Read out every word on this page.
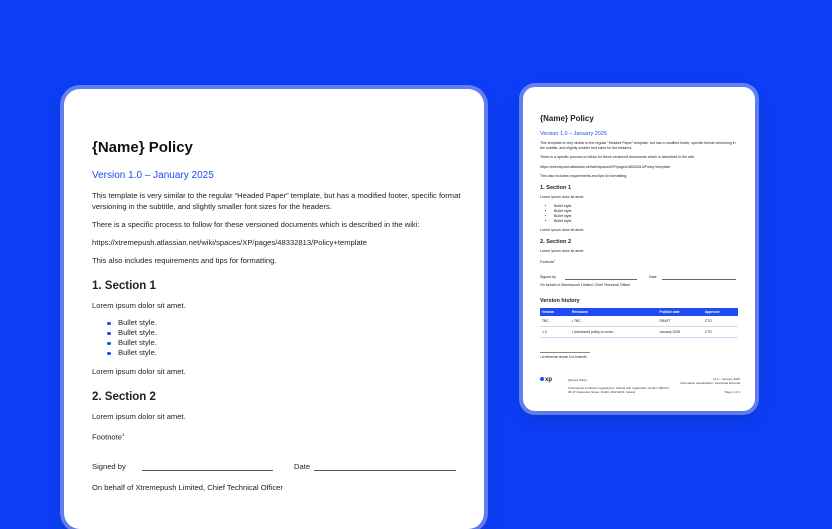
{Name} Policy
Version 1.0 – January 2025

This template is very similar to the regular “Headed Paper” template, but has a modified footer, specific format versioning in the subtitle, and slightly smaller font sizes for the headers.

There is a specific process to follow for these versioned documents which is described in the wiki:

https://xtremepush.atlassian.net/wiki/spaces/XP/pages/48332813/Policy+template

This also includes requirements and tips for formatting.

1. Section 1

Lorem ipsum dolor sit amet.

Bullet style.
Bullet style.
Bullet style.
Bullet style.

Lorem ipsum dolor sit amet.

2. Section 2

Lorem ipsum dolor sit amet.

Footnote$^1$

Signed by	Date
On behalf of Xtremepush Limited, Chief Technical Officer
{Name} Policy
Version 1.0 – January 2025

This template is very similar to the regular “Headed Paper” template, but has a modified footer, specific format versioning in the subtitle, and slightly smaller font sizes for the headers.

There is a specific process to follow for these versioned documents which is described in the wiki:

https://xtremepush.atlassian.net/wiki/spaces/XP/pages/48332813/Policy+template

This also includes requirements and tips for formatting.

1. Section 1

Lorem ipsum dolor sit amet.

• Bullet style.
• Bullet style.
• Bullet style.
• Bullet style.

Lorem ipsum dolor sit amet.

2. Section 2

Lorem ipsum dolor sit amet.

Footnote$^1$

Signed by	Date

On behalf of Xtremepush Limited, Chief Technical Officer

Version history
Version	Revisions	Publish date	Approver
TBC	• TBC	DRAFT	CTO
1.0	• Introduced policy to cover...	January 2025	CTO
¹ A reference shown in a footnote
xp	{Name} Policy	v1.0 – January 2025
Information classification: Restricted External
Xtremepush Limited is registered in Ireland with registration number 382744
36-37 Clarendon Street, Dublin, D02 E634, Ireland	Page 1 of 1
